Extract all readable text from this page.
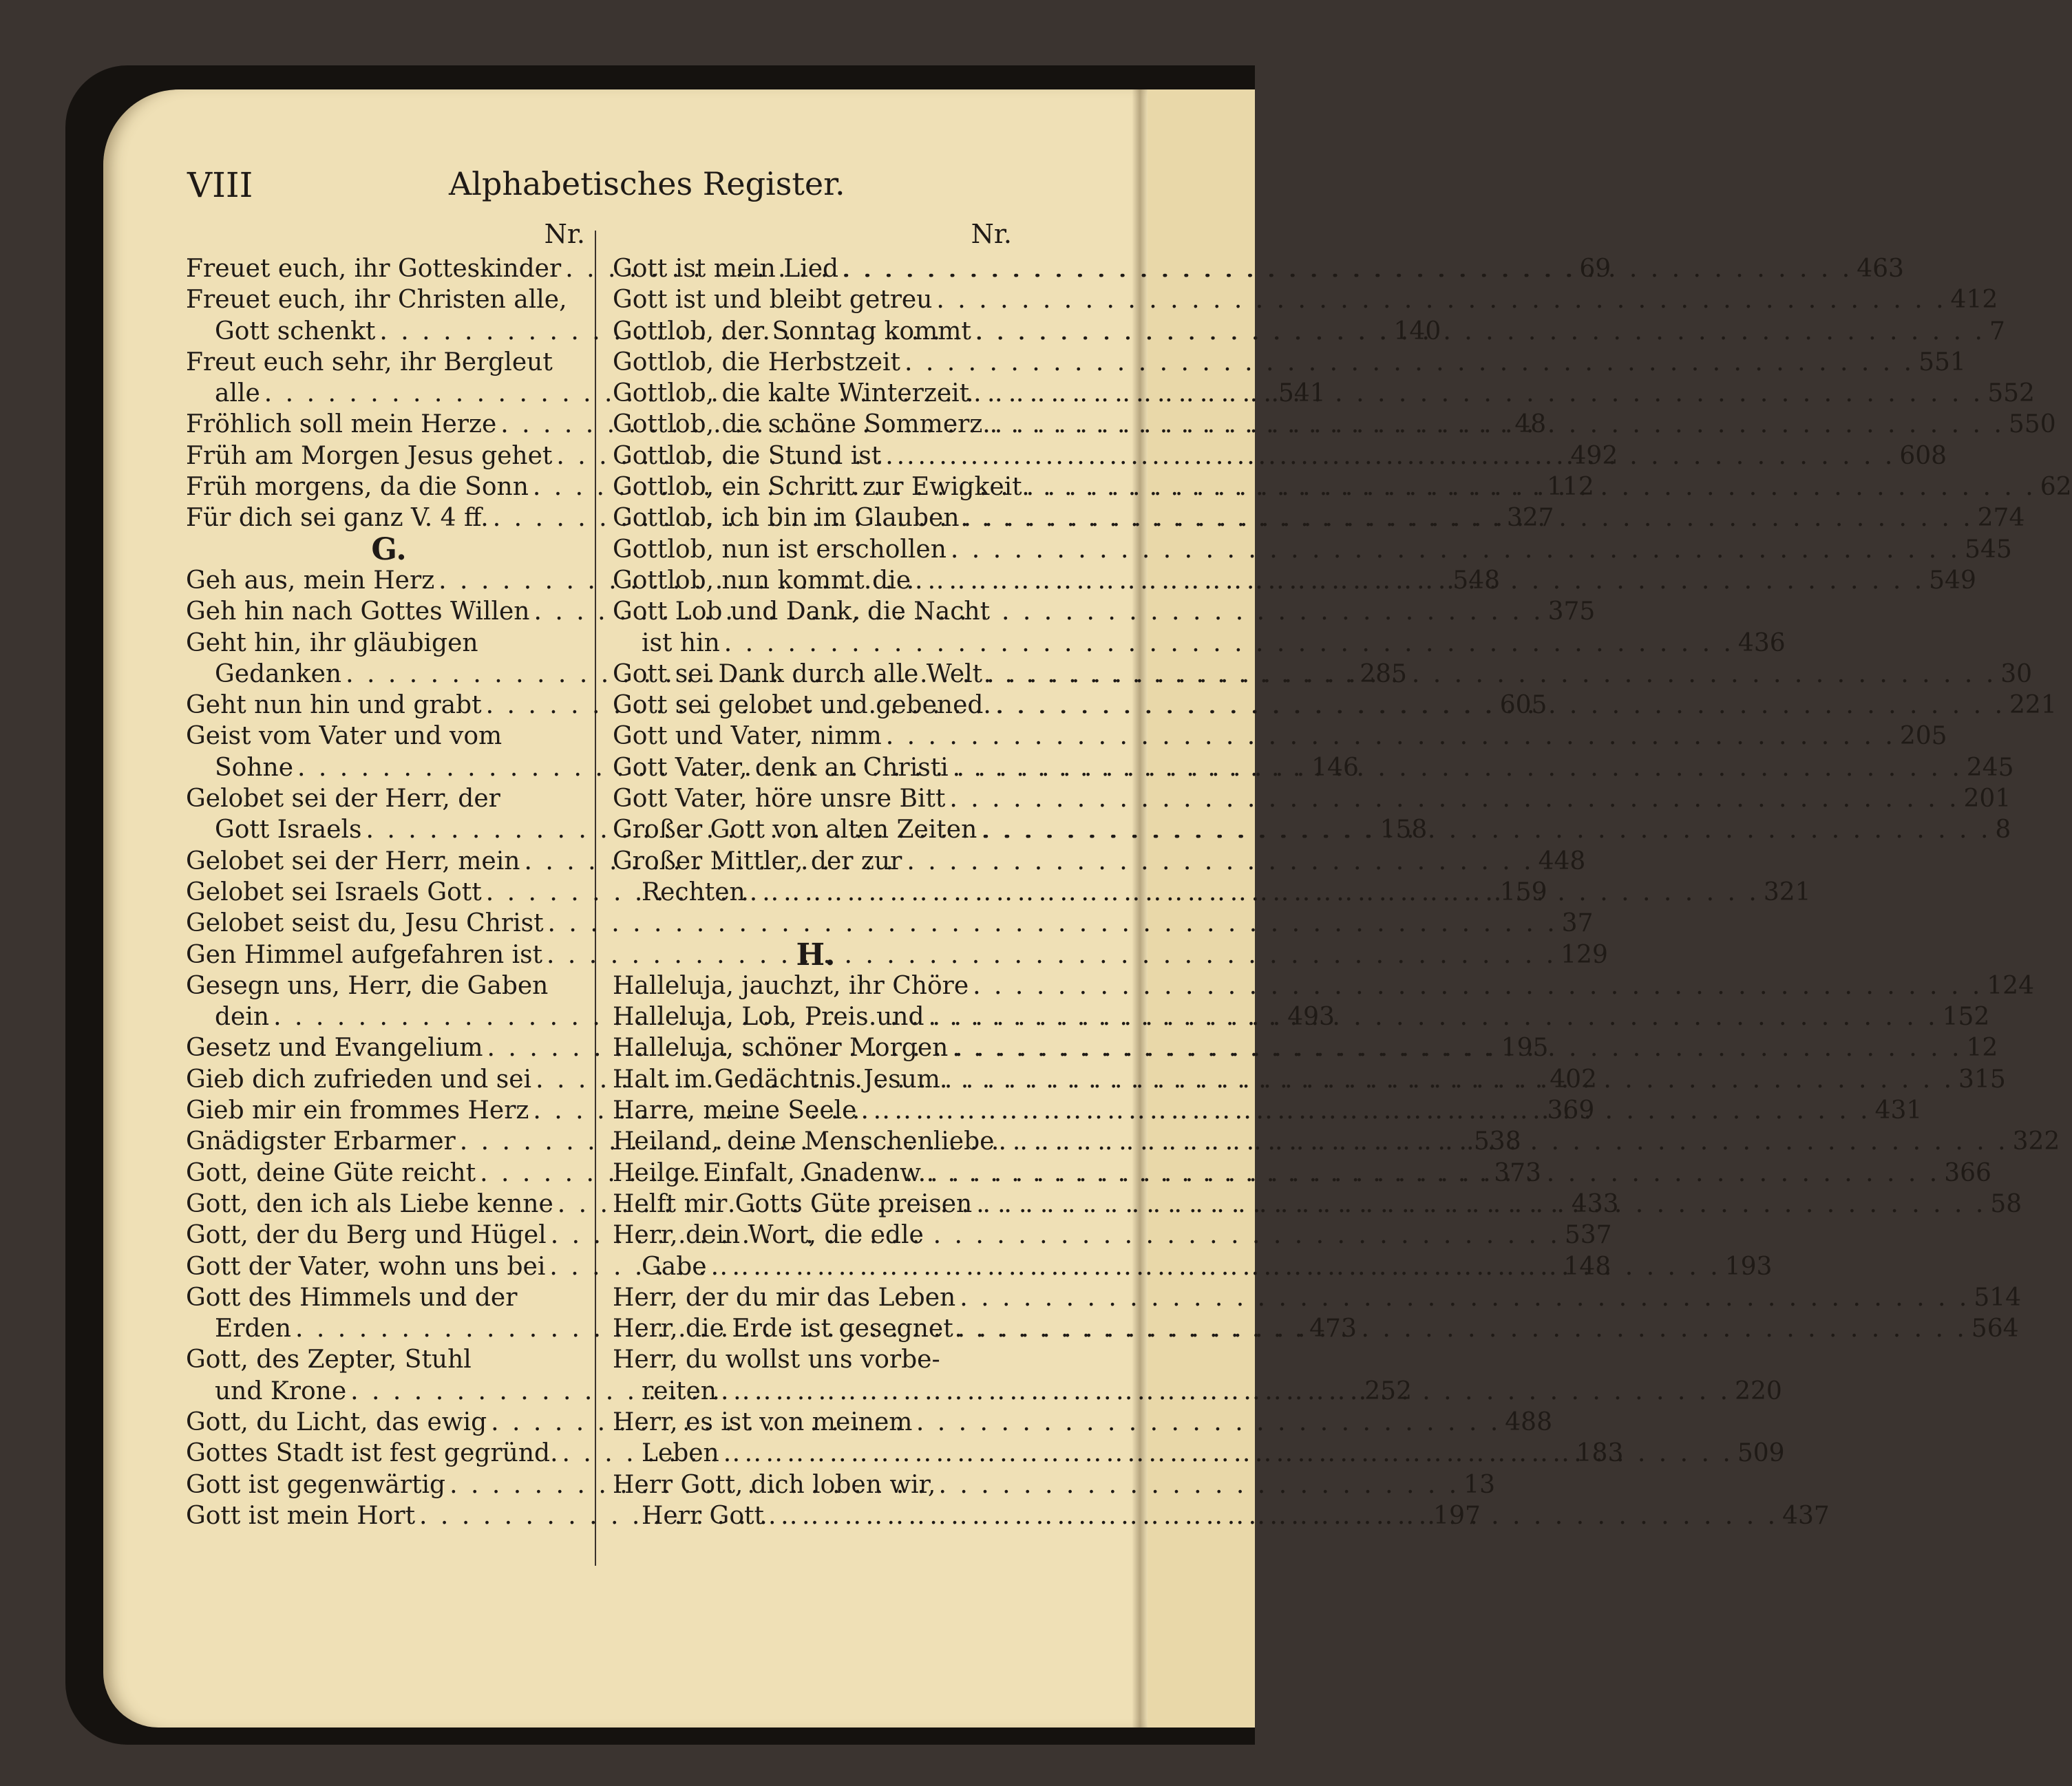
VIII	Alphabetisches Register.
Nr.	Nr.
Freuet euch, ihr Gotteskinder . . .	69
Freuet euch, ihr Christen alle,
Gott schenkt . . .	140
Freut euch sehr, ihr Bergleut
alle . . .	541
Fröhlich soll mein Herze . . .	48
Früh am Morgen Jesus gehet . . .	492
Früh morgens, da die Sonn . . .	112
Für dich sei ganz V. 4 ff. . . .	327
G.
Geh aus, mein Herz . . .	548
Geh hin nach Gottes Willen . . .	375
Geht hin, ihr gläubigen
Gedanken . . .	285
Geht nun hin und grabt . . .	605
Geist vom Vater und vom
Sohne . . .	146
Gelobet sei der Herr, der
Gott Israels . . .	158
Gelobet sei der Herr, mein . . .	448
Gelobet sei Israels Gott . . .	159
Gelobet seist du, Jesu Christ . . .	37
Gen Himmel aufgefahren ist . . .	129
Gesegn uns, Herr, die Gaben
dein . . .	493
Gesetz und Evangelium . . .	195
Gieb dich zufrieden und sei . . .	402
Gieb mir ein frommes Herz . . .	369
Gnädigster Erbarmer . . .	538
Gott, deine Güte reicht . . .	373
Gott, den ich als Liebe kenne . . .	433
Gott, der du Berg und Hügel . . .	537
Gott der Vater, wohn uns bei . . .	148
Gott des Himmels und der
Erden . . .	473
Gott, des Zepter, Stuhl
und Krone . . .	252
Gott, du Licht, das ewig . . .	488
Gottes Stadt ist fest gegründ. . . .	183
Gott ist gegenwärtig . . .	13
Gott ist mein Hort . . .	197
Gott ist mein Lied . . .	463
Gott ist und bleibt getreu . . .	412
Gottlob, der Sonntag kommt . . .	7
Gottlob, die Herbstzeit . . .	551
Gottlob, die kalte Winterzeit . . .	552
Gottlob, die schöne Sommerz. . . .	550
Gottlob, die Stund ist . . .	608
Gottlob, ein Schritt zur Ewigkeit . . .	62
Gottlob, ich bin im Glauben . . .	274
Gottlob, nun ist erschollen . . .	545
Gottlob, nun kommt die . . .	549
Gott Lob und Dank, die Nacht
ist hin . . .	436
Gott sei Dank durch alle Welt . . .	30
Gott sei gelobet und gebened. . . .	221
Gott und Vater, nimm . . .	205
Gott Vater, denk an Christi . . .	245
Gott Vater, höre unsre Bitt . . .	201
Großer Gott von alten Zeiten . . .	8
Großer Mittler, der zur
Rechten . . .	321
H.
Halleluja, jauchzt, ihr Chöre . . .	124
Halleluja, Lob, Preis und . . .	152
Halleluja, schöner Morgen . . .	12
Halt im Gedächtnis Jesum . . .	315
Harre, meine Seele . . .	431
Heiland, deine Menschenliebe . . .	322
Heilge Einfalt, Gnadenw. . . .	366
Helft mir Gotts Güte preisen . . .	58
Herr, dein Wort, die edle
Gabe . . .	193
Herr, der du mir das Leben . . .	514
Herr, die Erde ist gesegnet . . .	564
Herr, du wollst uns vorbe-
reiten . . .	220
Herr, es ist von meinem
Leben . . .	509
Herr Gott, dich loben wir,
Herr Gott . . .	437
